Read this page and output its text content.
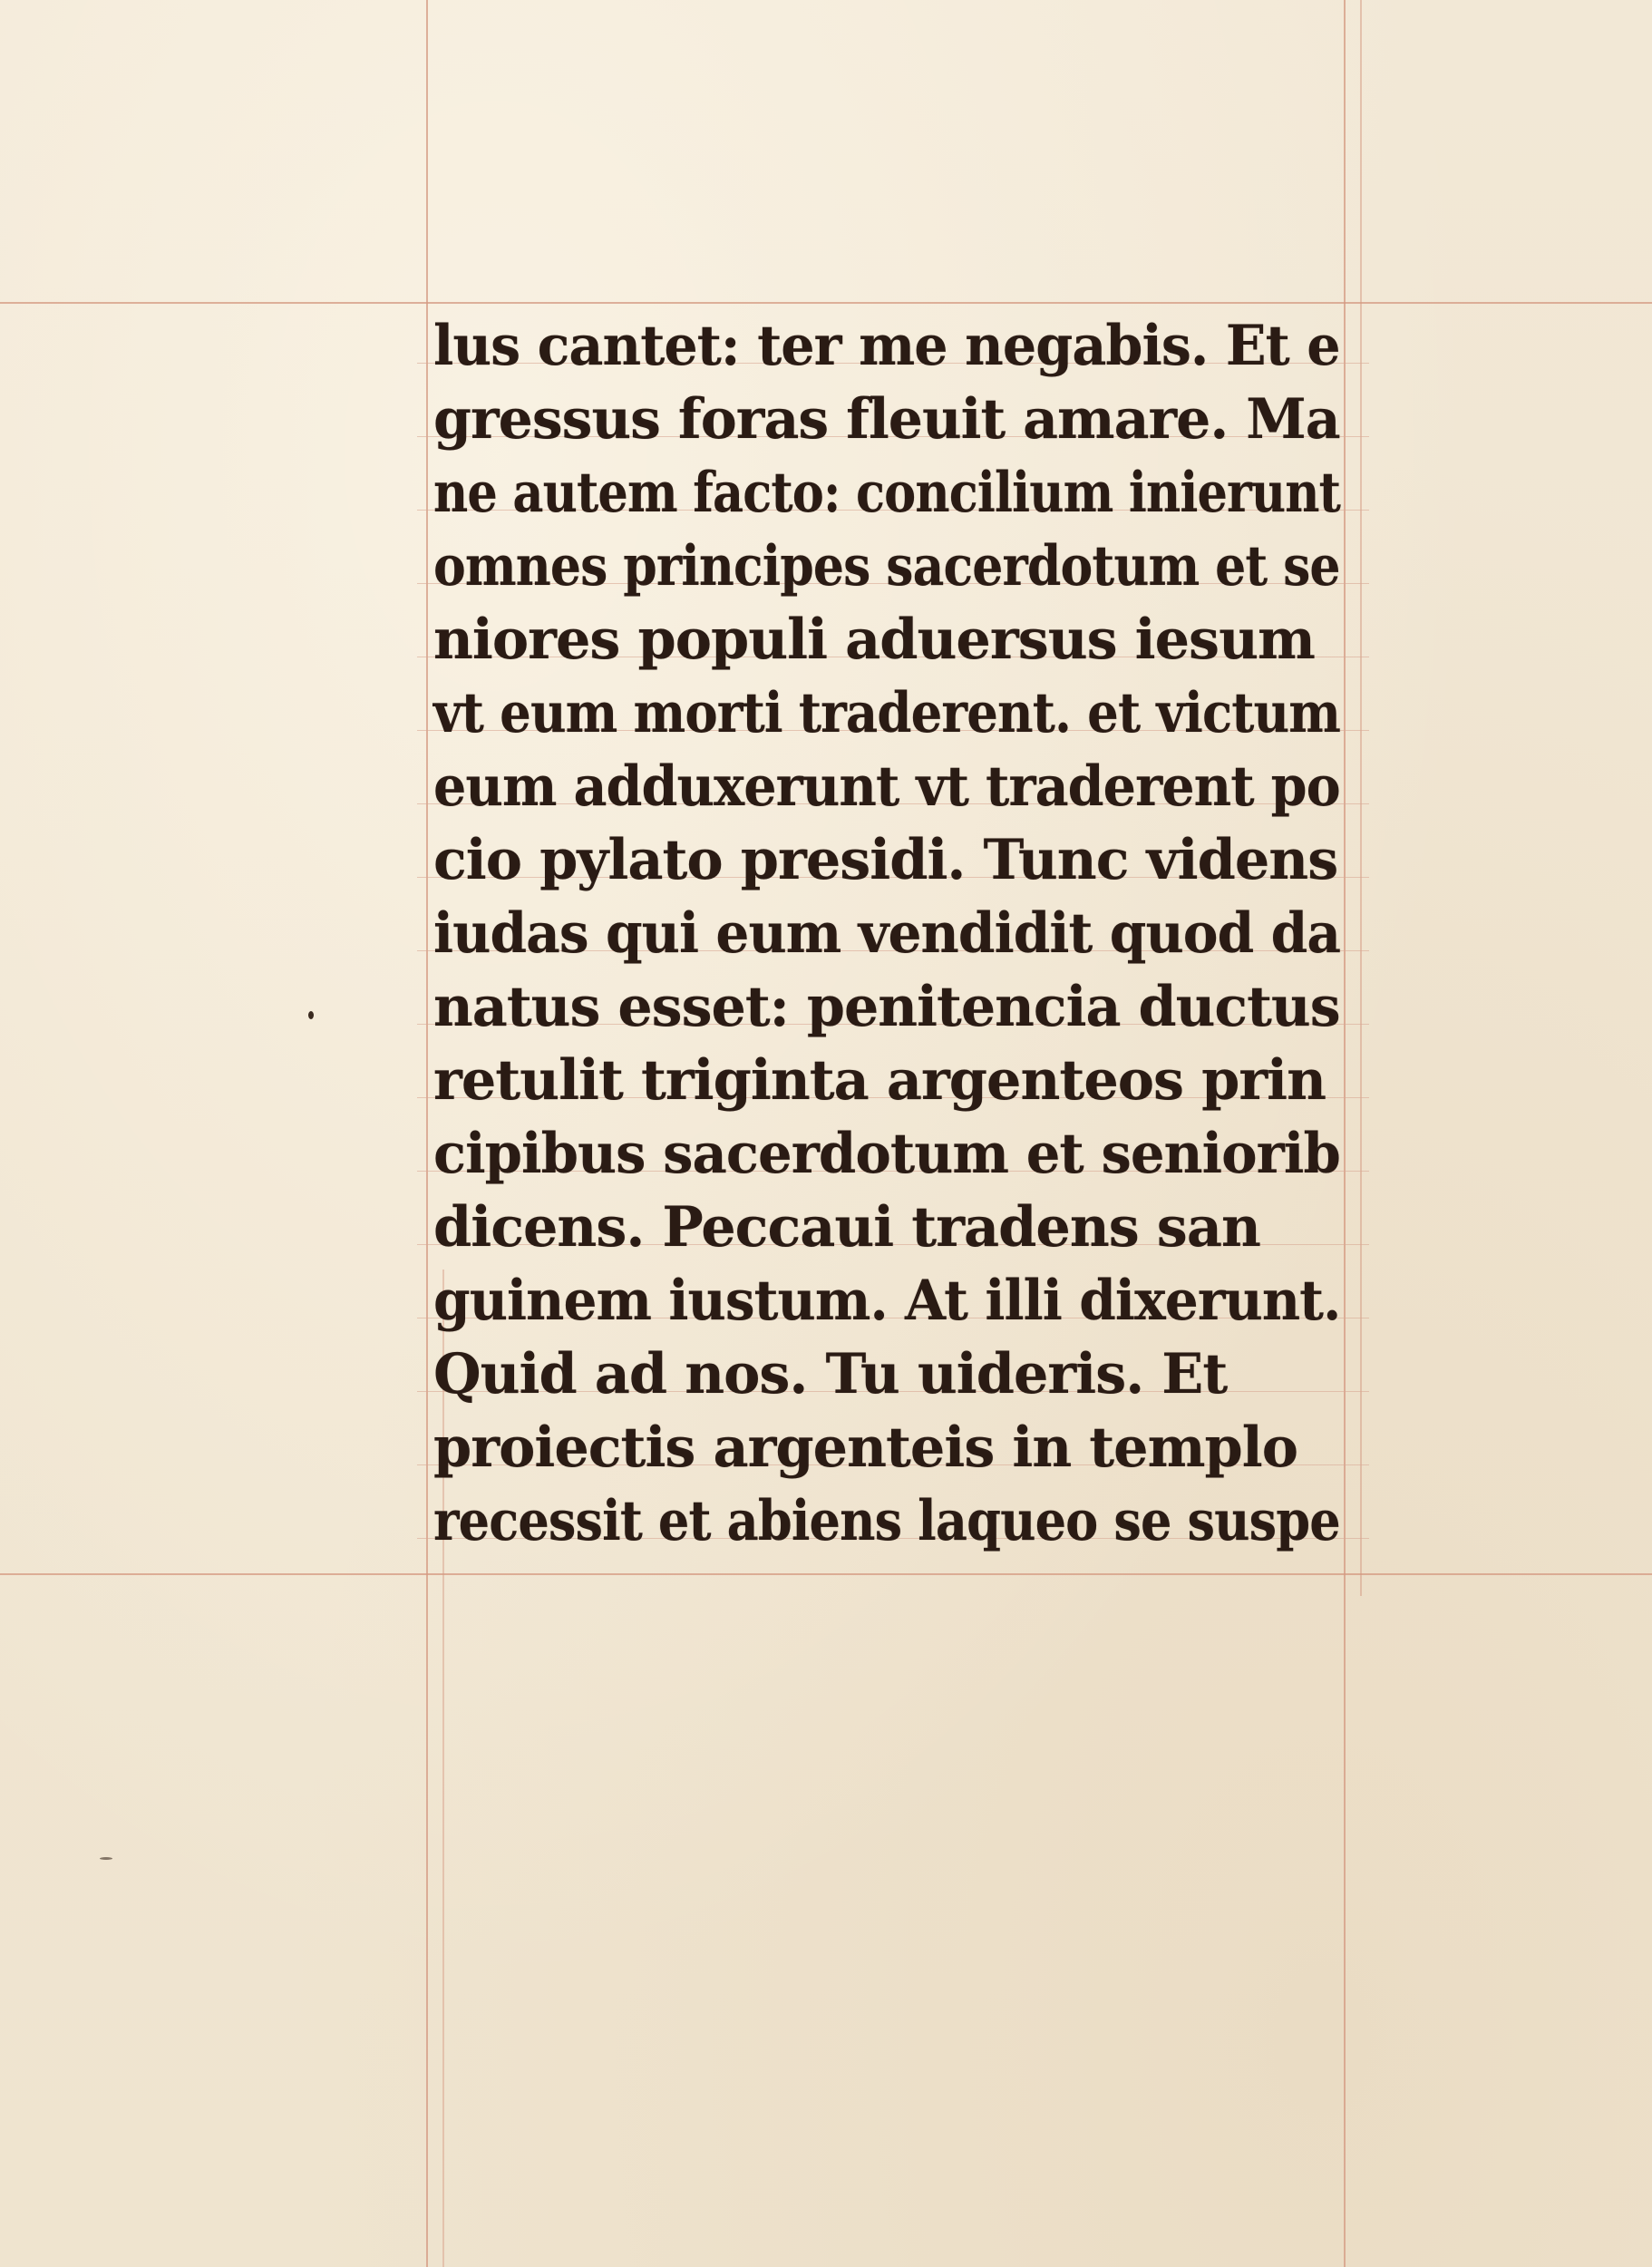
lus cantet: ter me negabis. Et e
gressus foras fleuit amare. Ma
ne autem facto: concilium inierunt
omnes principes sacerdotum et se
niores populi aduersus iesum
vt eum morti traderent. et victum
eum adduxerunt vt traderent po
cio pylato presidi. Tunc videns
iudas qui eum vendidit quod da
natus esset: penitencia ductus
retulit triginta argenteos prin
cipibus sacerdotum et seniorib
dicens. Peccaui tradens san
guinem iustum. At illi dixerunt.
Quid ad nos. Tu uideris. Et
proiectis argenteis in templo
recessit et abiens laqueo se suspe
